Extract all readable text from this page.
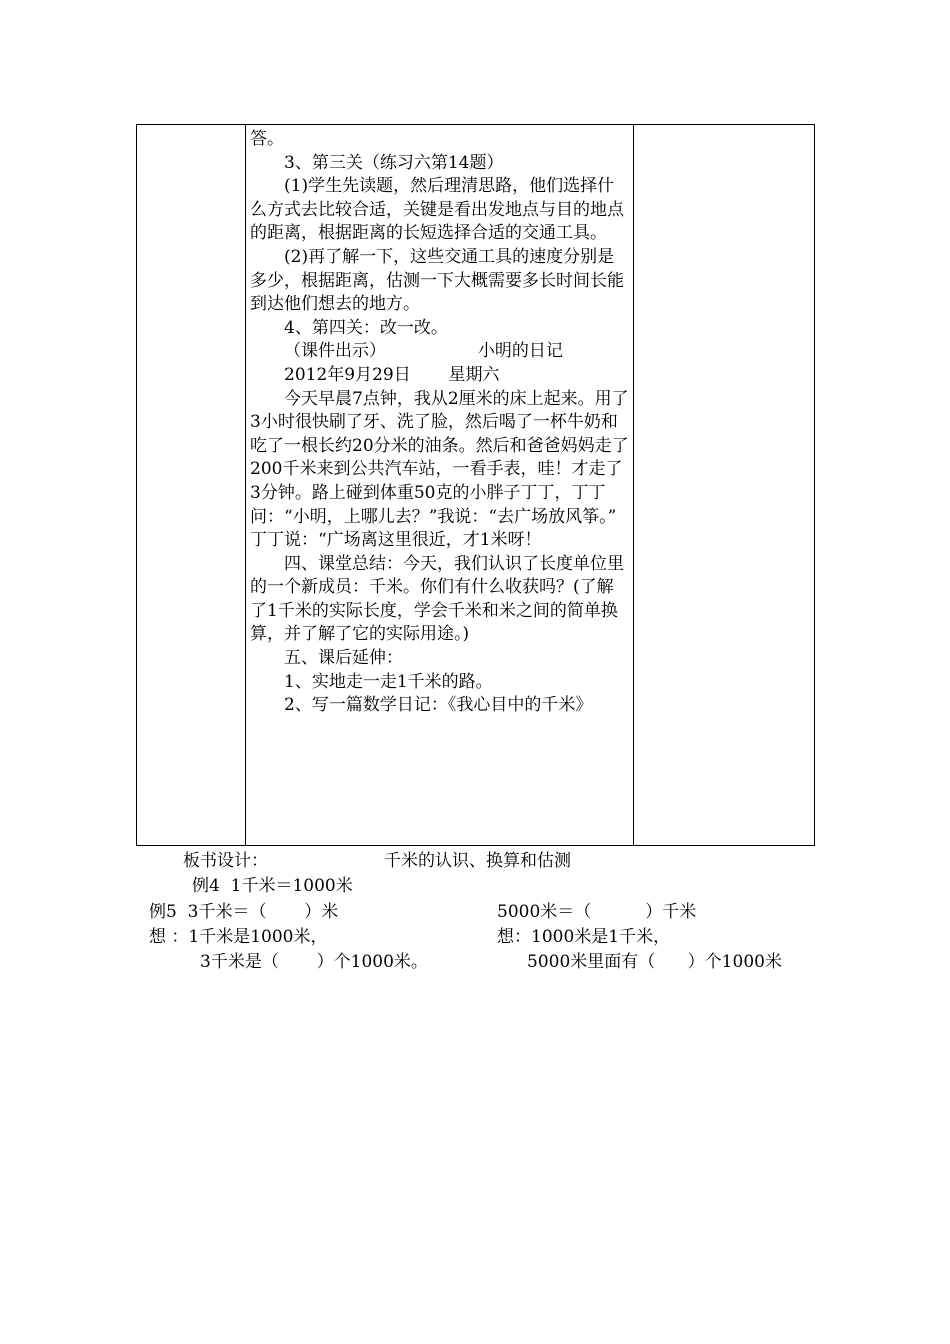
答。

3、第三关（练习六第14题）

(1)学生先读题，然后理清思路，他们选择什么方式去比较合适，关键是看出发地点与目的地点的距离，根据距离的长短选择合适的交通工具。

(2)再了解一下，这些交通工具的速度分别是多少，根据距离，估测一下大概需要多长时间长能到达他们想去的地方。

4、第四关：改一改。

（课件出示）                 小明的日记

2012年9月29日       星期六

今天早晨7点钟，我从2厘米的床上起来。用了3小时很快刷了牙、洗了脸，然后喝了一杯牛奶和吃了一根长约20分米的油条。然后和爸爸妈妈走了200千米来到公共汽车站，一看手表，哇！才走了3分钟。路上碰到体重50克的小胖子丁丁，丁丁问：“小明，上哪儿去？”我说：“去广场放风筝。” 丁丁说：“广场离这里很近，才1米呀！

四、课堂总结：今天，我们认识了长度单位里的一个新成员：千米。你们有什么收获吗？(了解了1千米的实际长度，学会千米和米之间的简单换算，并了解了它的实际用途。)

五、课后延伸：

1、实地走一走1千米的路。

2、写一篇数学日记：《我心目中的千米》

板书设计：	千米的认识、换算和估测
例4  1千米＝1000米
例5  3千米＝（       ）米	5000米＝（          ）千米
想 ：1千米是1000米，	想：1000米是1千米，
3千米是（       ）个1000米。	5000米里面有（      ）个1000米
